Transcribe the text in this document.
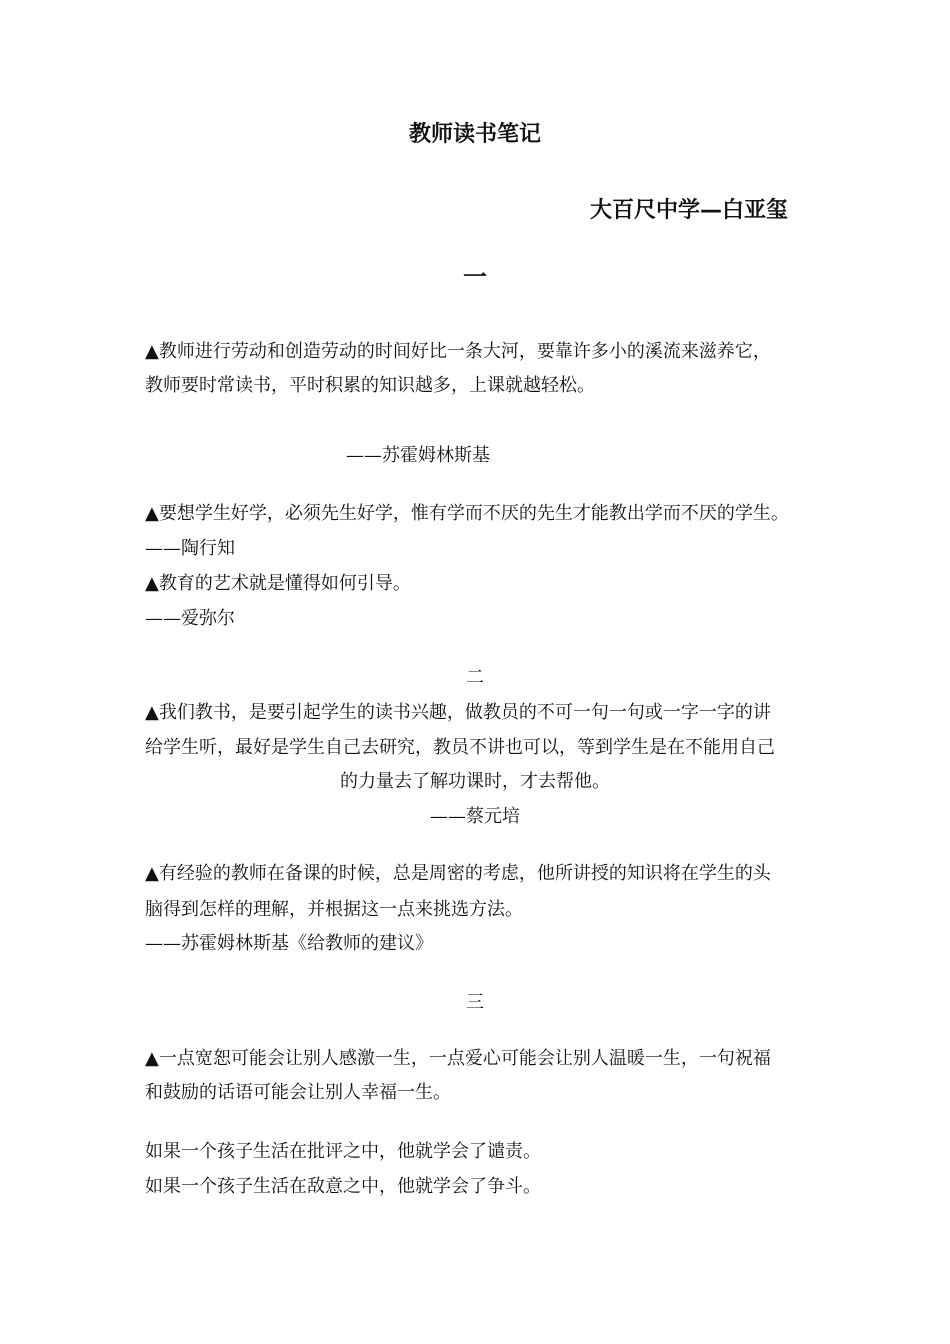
教师读书笔记
大百尺中学—白亚玺
一
▲教师进行劳动和创造劳动的时间好比一条大河，要靠许多小的溪流来滋养它，
教师要时常读书，平时积累的知识越多，上课就越轻松。
——苏霍姆林斯基
▲要想学生好学，必须先生好学，惟有学而不厌的先生才能教出学而不厌的学生。
——陶行知
▲教育的艺术就是懂得如何引导。
——爱弥尔
二
▲我们教书，是要引起学生的读书兴趣，做教员的不可一句一句或一字一字的讲
给学生听，最好是学生自己去研究，教员不讲也可以，等到学生是在不能用自己
的力量去了解功课时，才去帮他。
——蔡元培
▲有经验的教师在备课的时候，总是周密的考虑，他所讲授的知识将在学生的头
脑得到怎样的理解，并根据这一点来挑选方法。
——苏霍姆林斯基《给教师的建议》
三
▲一点宽恕可能会让别人感激一生，一点爱心可能会让别人温暖一生，一句祝福
和鼓励的话语可能会让别人幸福一生。
如果一个孩子生活在批评之中，他就学会了谴责。
如果一个孩子生活在敌意之中，他就学会了争斗。
